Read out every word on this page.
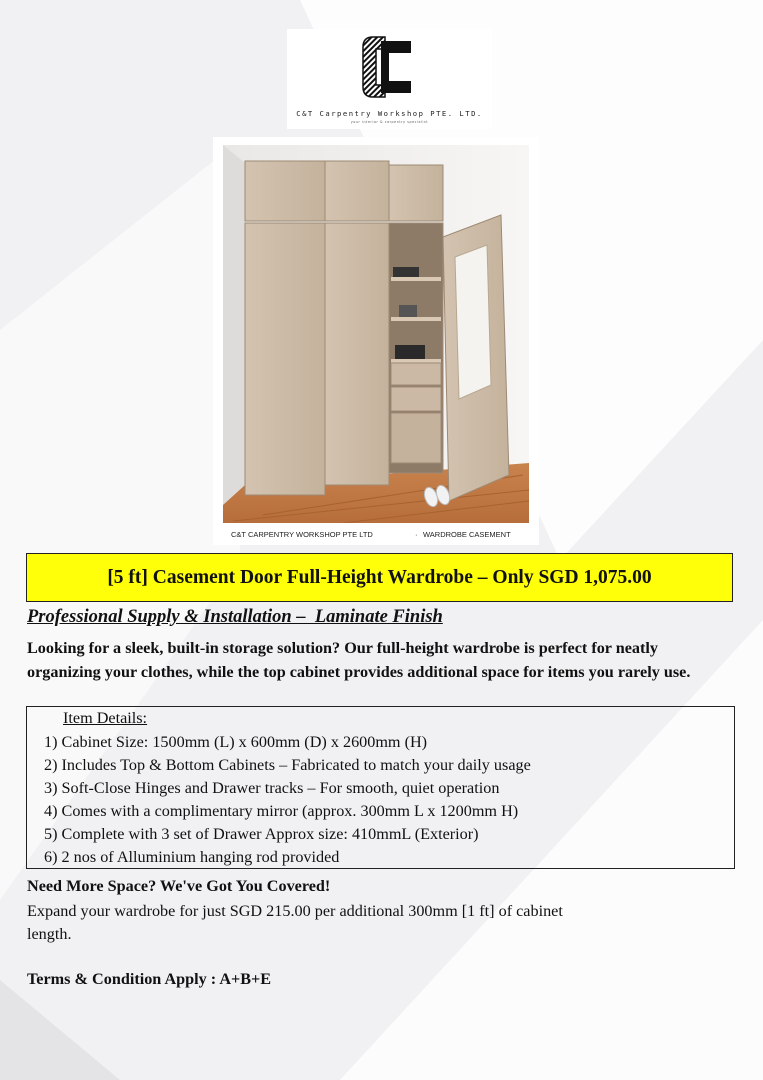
C&T Carpentry Workshop PTE. LTD.
your interior & carpentry specialist
C&T CARPENTRY WORKSHOP PTE LTD
·	WARDROBE CASEMENT
[5 ft] Casement Door Full-Height Wardrobe – Only SGD 1,075.00
Professional Supply & Installation –  Laminate Finish
Looking for a sleek, built-in storage solution? Our full-height wardrobe is perfect for neatly organizing your clothes, while the top cabinet provides additional space for items you rarely use.
Item Details:
1) Cabinet Size: 1500mm (L) x 600mm (D) x 2600mm (H)
2) Includes Top & Bottom Cabinets – Fabricated to match your daily usage
3) Soft-Close Hinges and Drawer tracks – For smooth, quiet operation
4) Comes with a complimentary mirror (approx. 300mm L x 1200mm H)
5) Complete with 3 set of Drawer Approx size: 410mmL (Exterior)
6) 2 nos of Alluminium hanging rod provided
Need More Space? We've Got You Covered!
Expand your wardrobe for just SGD 215.00 per additional 300mm [1 ft] of cabinet length.
Terms & Condition Apply : A+B+E
